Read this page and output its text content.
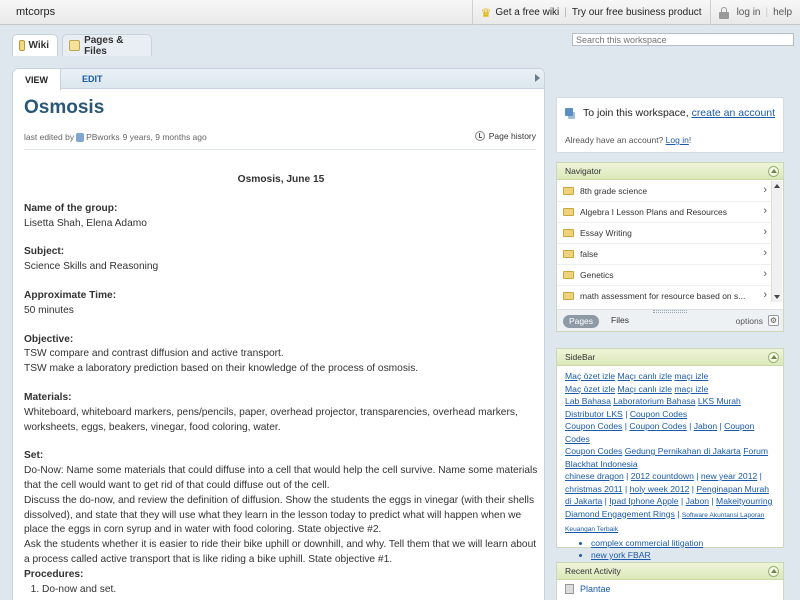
mtcorps	♛ Get a free wiki | Try our free business product	log in | help
Wiki	Pages & Files
Search this workspace
VIEW	EDIT
Osmosis
last edited by PBworks 9 years, 9 months ago	Page history
Osmosis, June 15
Name of the group:
Lisetta Shah, Elena Adamo
Subject:
Science Skills and Reasoning
Approximate Time:
50 minutes
Objective:
TSW compare and contrast diffusion and active transport.
TSW make a laboratory prediction based on their knowledge of the process of osmosis.
Materials:
Whiteboard, whiteboard markers, pens/pencils, paper, overhead projector, transparencies, overhead markers, worksheets, eggs, beakers, vinegar, food coloring, water.
Set:
Do-Now: Name some materials that could diffuse into a cell that would help the cell survive. Name some materials that the cell would want to get rid of that could diffuse out of the cell.
Discuss the do-now, and review the definition of diffusion. Show the students the eggs in vinegar (with their shells dissolved), and state that they will use what they learn in the lesson today to predict what will happen when we place the eggs in corn syrup and in water with food coloring. State objective #2.
Ask the students whether it is easier to ride their bike uphill or downhill, and why. Tell them that we will learn about a process called active transport that is like riding a bike uphill. State objective #1.
Procedures:
1. Do-now and set.
To join this workspace,
create an account
Already have an account? Log in!
Navigator
8th grade science	›
Algebra I Lesson Plans and Resources	›
Essay Writing	›
false	›
Genetics	›
math assessment for resource based on s... ›
Pages	Files	options ⚙
SideBar
Maç özet izle Maçı canlı izle maçı izle
Maç özet izle Maçı canlı izle maçı izle
Lab Bahasa Laboratorium Bahasa LKS Murah Distributor LKS | Coupon Codes
Coupon Codes | Coupon Codes | Jabon | Coupon Codes
Coupon Codes Gedung Pernikahan di Jakarta Forum Blackhat Indonesia
chinese dragon | 2012 countdown | new year 2012 | christmas 2011 | holy week 2012 | Penginapan Murah di Jakarta | Ipad Iphone Apple | Jabon | Makeityourring Diamond Engagement Rings | Software Akuntansi Laporan Keuangan Terbaik
• complex commercial litigation
• new york FBAR
Recent Activity
Plantae
